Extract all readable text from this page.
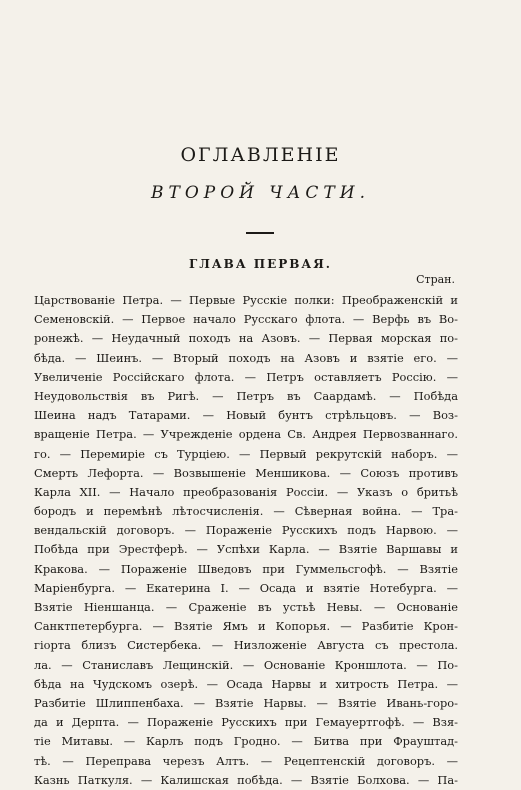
ОГЛАВЛЕНІЕ
ВТОРОЙ ЧАСТИ.
ГЛАВА ПЕРВАЯ.
Стран.
Царствованіе Петра. — Первые Русскіе полки: Преображенскій и
Семеновскій. — Первое начало Русскаго флота. — Верфь въ Во-
ронежѣ. — Неудачный походъ на Азовъ. — Первая морская по-
бѣда. — Шеинъ. — Вторый походъ на Азовъ и взятіе его. —
Увеличеніе Россійскаго флота. — Петръ оставляетъ Россію. —
Неудовольствія въ Ригѣ. — Петръ въ Саардамѣ. — Побѣда
Шеина надъ Татарами. — Новый бунтъ стрѣльцовъ. — Воз-
вращеніе Петра. — Учрежденіе ордена Св. Андрея Первозваннаго.
го. — Перемиріе съ Турціею. — Первый рекрутскій наборъ. —
Смерть Лефорта. — Возвышеніе Меншикова. — Союзъ противъ
Карла XII. — Начало преобразованія Россіи. — Указъ о бритьѣ
бородъ и перемѣнѣ лѣтосчисленія. — Сѣверная война. — Тра-
вендальскій договоръ. — Пораженіе Русскихъ подъ Нарвою. —
Побѣда при Эрестферѣ. — Успѣхи Карла. — Взятіе Варшавы и
Кракова. — Пораженіе Шведовъ при Гуммельсгофѣ. — Взятіе
Маріенбурга. — Екатерина I. — Осада и взятіе Нотебурга. —
Взятіе Ніеншанца. — Сраженіе въ устьѣ Невы. — Основаніе
Санктпетербурга. — Взятіе Ямъ и Копорья. — Разбитіе Крон-
гіорта близъ Систербека. — Низложеніе Августа съ престола.
ла. — Станиславъ Лещинскій. — Основаніе Кроншлота. — По-
бѣда на Чудскомъ озерѣ. — Осада Нарвы и хитрость Петра. —
Разбитіе Шлиппенбаха. — Взятіе Нарвы. — Взятіе Ивань-горо-
да и Дерпта. — Пораженіе Русскихъ при Гемауертгофѣ. — Взя-
тіе Митавы. — Карлъ подъ Гродно. — Битва при Фрауштад-
тѣ. — Переправа черезъ Алтъ. — Рецептенскій договоръ. —
Казнь Паткуля. — Калишская побѣда. — Взятіе Болхова. — Па-
